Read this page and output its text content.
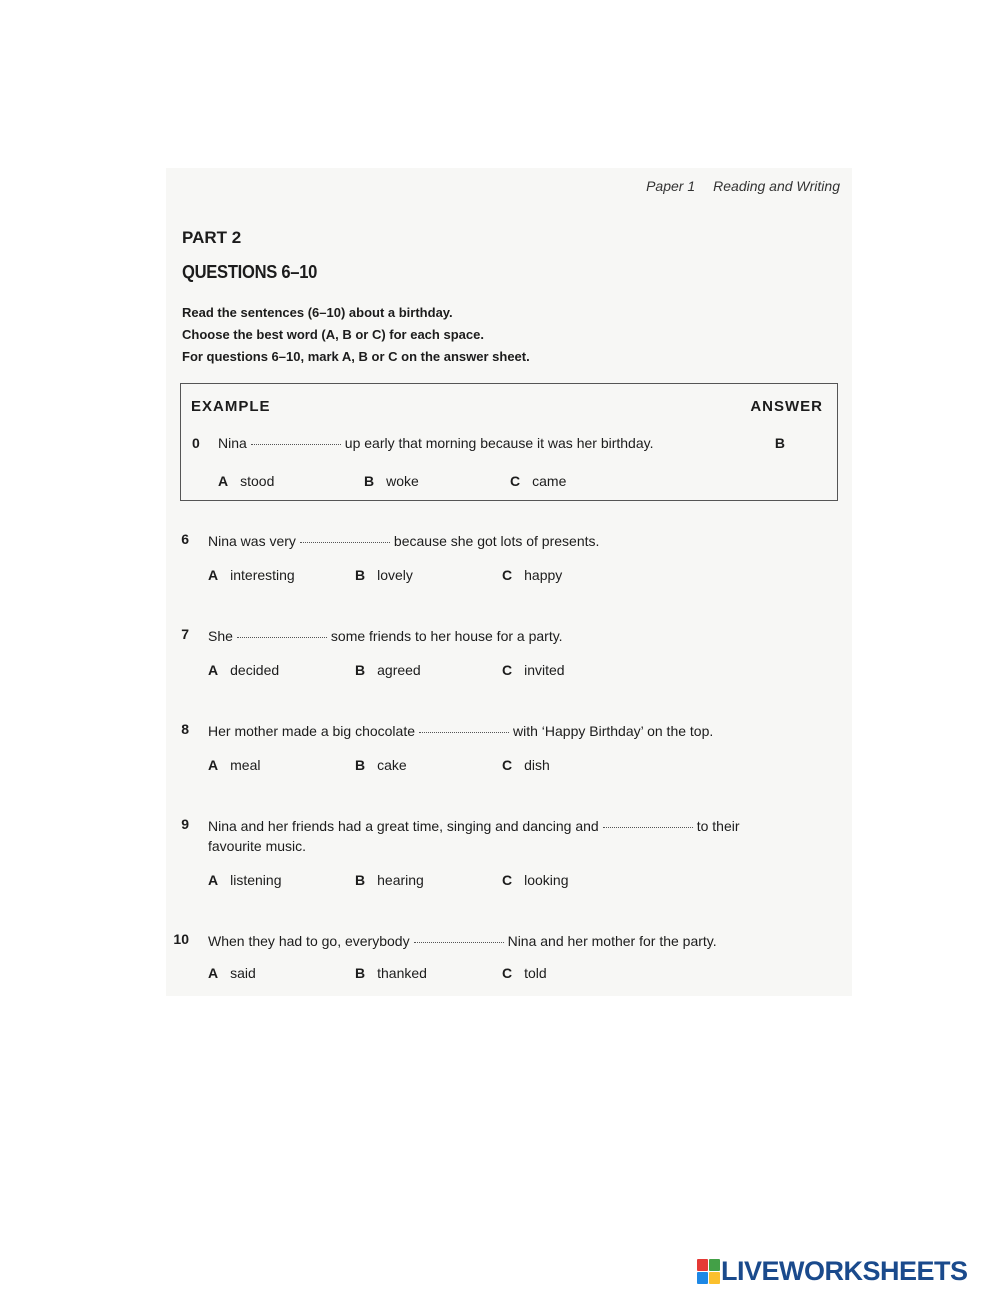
Paper 1 Reading and Writing
PART 2
QUESTIONS 6–10
Read the sentences (6–10) about a birthday.
Choose the best word (A, B or C) for each space.
For questions 6–10, mark A, B or C on the answer sheet.
EXAMPLE	ANSWER
0 Nina	up early that morning because it was her birthday.	B
A stood	B woke	C came
6 Nina was very	because she got lots of presents.
A interesting	B lovely	C happy
7 She	some friends to her house for a party.
A decided	B agreed	C invited
8 Her mother made a big chocolate	with ‘Happy Birthday’ on the top.
A meal	B cake	C dish
9 Nina and her friends had a great time, singing and dancing and	to their favourite music.
A listening	B hearing	C looking
10 When they had to go, everybody	Nina and her mother for the party.
A said	B thanked	C told
LIVEWORKSHEETS
